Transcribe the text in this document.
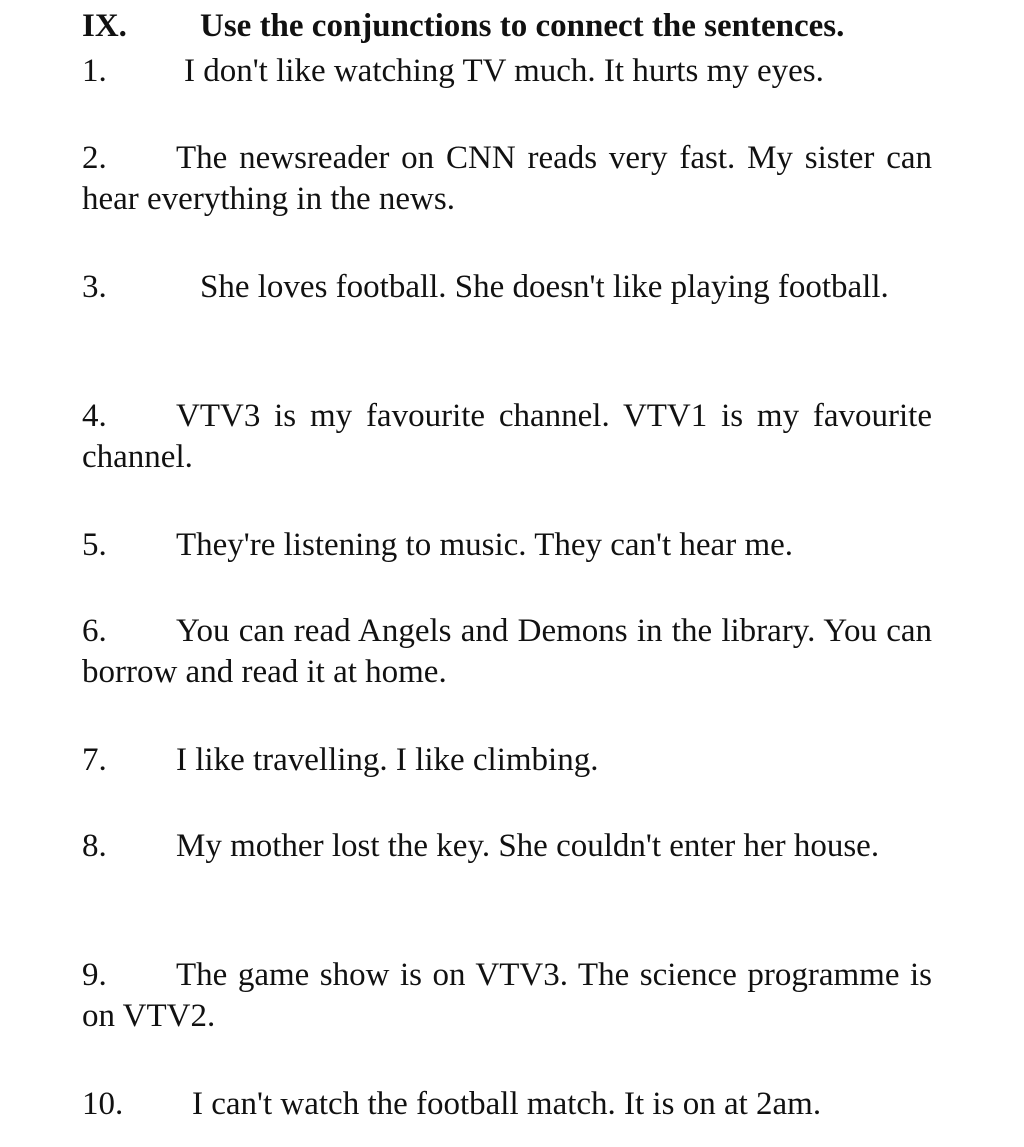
IX. Use the conjunctions to connect the sentences.
1. I don't like watching TV much. It hurts my eyes.
2. The newsreader on CNN reads very fast. My sister can hear everything in the news.
3.	She loves football. She doesn't like playing football.
4. VTV3 is my favourite channel. VTV1 is my favourite channel.
5. They're listening to music. They can't hear me.
6. You can read Angels and Demons in the library. You can borrow and read it at home.
7. I like travelling. I like climbing.
8. My mother lost the key. She couldn't enter her house.
9. The game show is on VTV3. The science programme is on VTV2.
10. I can't watch the football match. It is on at 2am.
